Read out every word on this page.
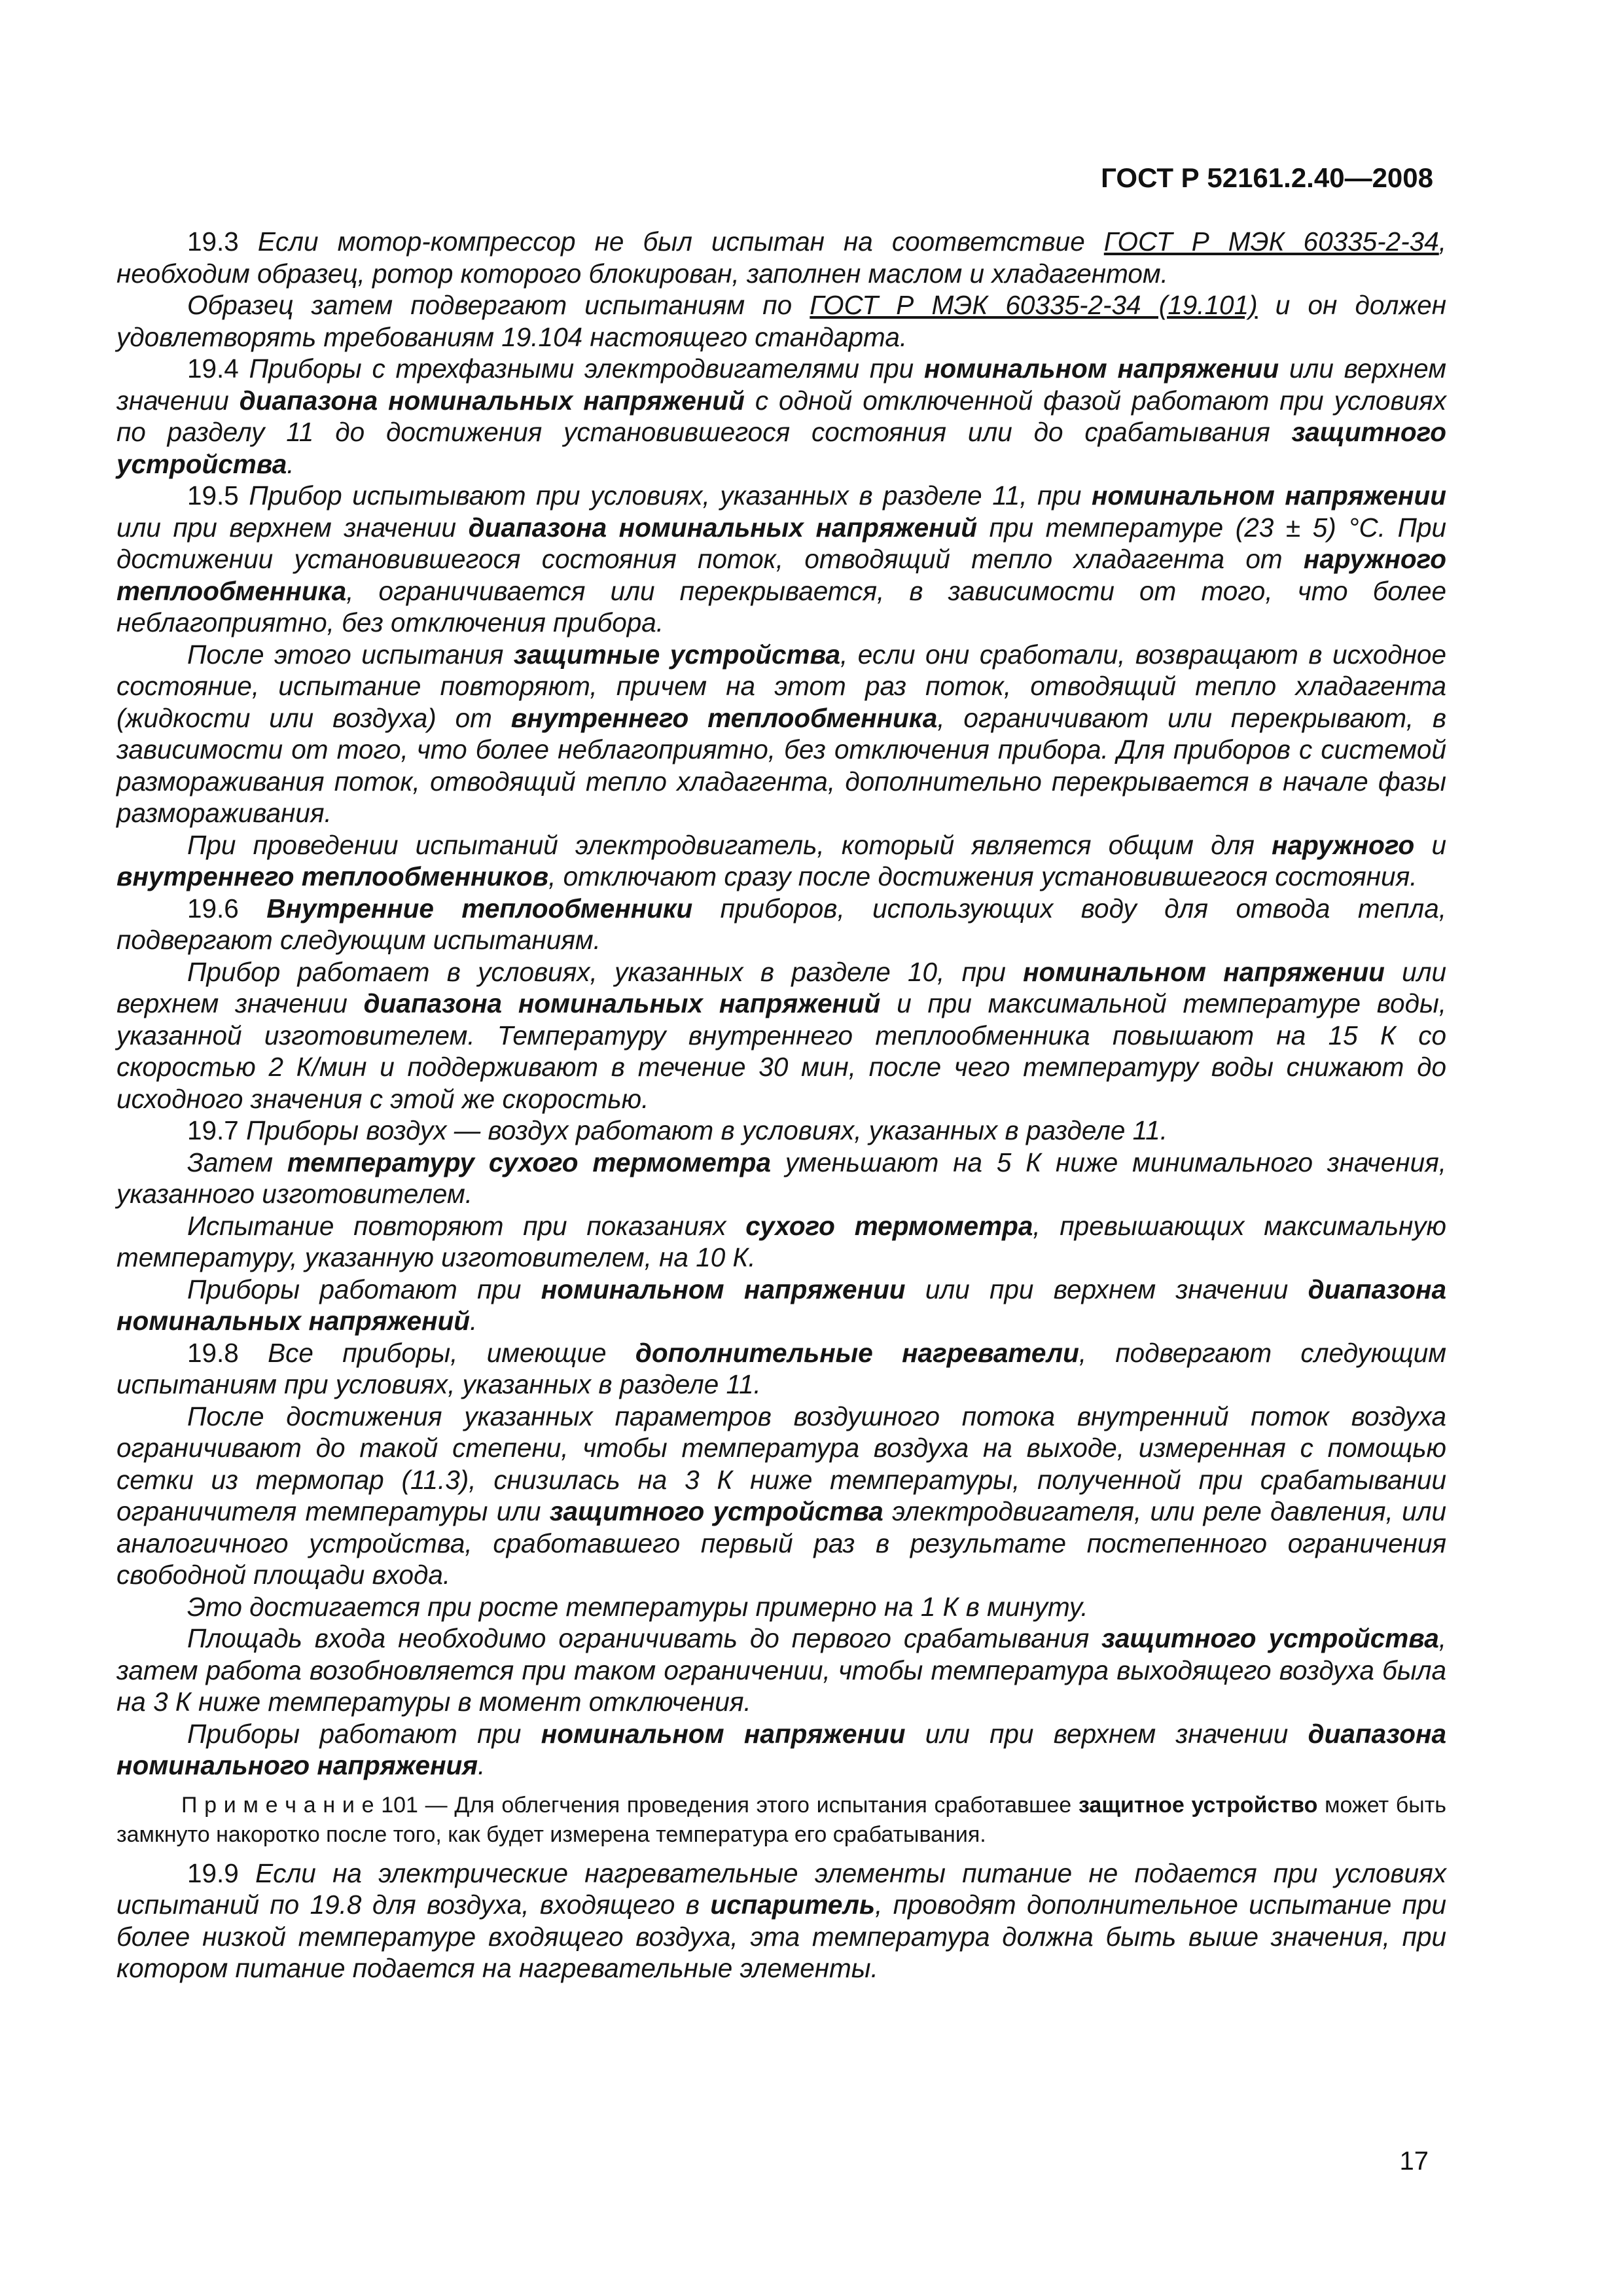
ГОСТ Р 52161.2.40—2008

19.3 Если мотор-компрессор не был испытан на соответствие ГОСТ Р МЭК 60335-2-34, необходим образец, ротор которого блокирован, заполнен маслом и хладагентом.

Образец затем подвергают испытаниям по ГОСТ Р МЭК 60335-2-34 (19.101) и он должен удовлетворять требованиям 19.104 настоящего стандарта.

19.4 Приборы с трехфазными электродвигателями при номинальном напряжении или верхнем значении диапазона номинальных напряжений с одной отключенной фазой работают при условиях по разделу 11 до достижения установившегося состояния или до срабатывания защитного устройства.

19.5 Прибор испытывают при условиях, указанных в разделе 11, при номинальном напряжении или при верхнем значении диапазона номинальных напряжений при температуре (23 ± 5) °C. При достижении установившегося состояния поток, отводящий тепло хладагента от наружного теплообменника, ограничивается или перекрывается, в зависимости от того, что более неблагоприятно, без отключения прибора.

После этого испытания защитные устройства, если они сработали, возвращают в исходное состояние, испытание повторяют, причем на этот раз поток, отводящий тепло хладагента (жидкости или воздуха) от внутреннего теплообменника, ограничивают или перекрывают, в зависимости от того, что более неблагоприятно, без отключения прибора. Для приборов с системой размораживания поток, отводящий тепло хладагента, дополнительно перекрывается в начале фазы размораживания.

При проведении испытаний электродвигатель, который является общим для наружного и внутреннего теплообменников, отключают сразу после достижения установившегося состояния.

19.6 Внутренние теплообменники приборов, использующих воду для отвода тепла, подвергают следующим испытаниям.

Прибор работает в условиях, указанных в разделе 10, при номинальном напряжении или верхнем значении диапазона номинальных напряжений и при максимальной температуре воды, указанной изготовителем. Температуру внутреннего теплообменника повышают на 15 К со скоростью 2 К/мин и поддерживают в течение 30 мин, после чего температуру воды снижают до исходного значения с этой же скоростью.

19.7 Приборы воздух — воздух работают в условиях, указанных в разделе 11.

Затем температуру сухого термометра уменьшают на 5 К ниже минимального значения, указанного изготовителем.

Испытание повторяют при показаниях сухого термометра, превышающих максимальную температуру, указанную изготовителем, на 10 К.

Приборы работают при номинальном напряжении или при верхнем значении диапазона номинальных напряжений.

19.8 Все приборы, имеющие дополнительные нагреватели, подвергают следующим испытаниям при условиях, указанных в разделе 11.

После достижения указанных параметров воздушного потока внутренний поток воздуха ограничивают до такой степени, чтобы температура воздуха на выходе, измеренная с помощью сетки из термопар (11.3), снизилась на 3 К ниже температуры, полученной при срабатывании ограничителя температуры или защитного устройства электродвигателя, или реле давления, или аналогичного устройства, сработавшего первый раз в результате постепенного ограничения свободной площади входа.

Это достигается при росте температуры примерно на 1 К в минуту.

Площадь входа необходимо ограничивать до первого срабатывания защитного устройства, затем работа возобновляется при таком ограничении, чтобы температура выходящего воздуха была на 3 К ниже температуры в момент отключения.

Приборы работают при номинальном напряжении или при верхнем значении диапазона номинального напряжения.

П р и м е ч а н и е 101 — Для облегчения проведения этого испытания сработавшее защитное устройство может быть замкнуто накоротко после того, как будет измерена температура его срабатывания.

19.9 Если на электрические нагревательные элементы питание не подается при условиях испытаний по 19.8 для воздуха, входящего в испаритель, проводят дополнительное испытание при более низкой температуре входящего воздуха, эта температура должна быть выше значения, при котором питание подается на нагревательные элементы.

17
